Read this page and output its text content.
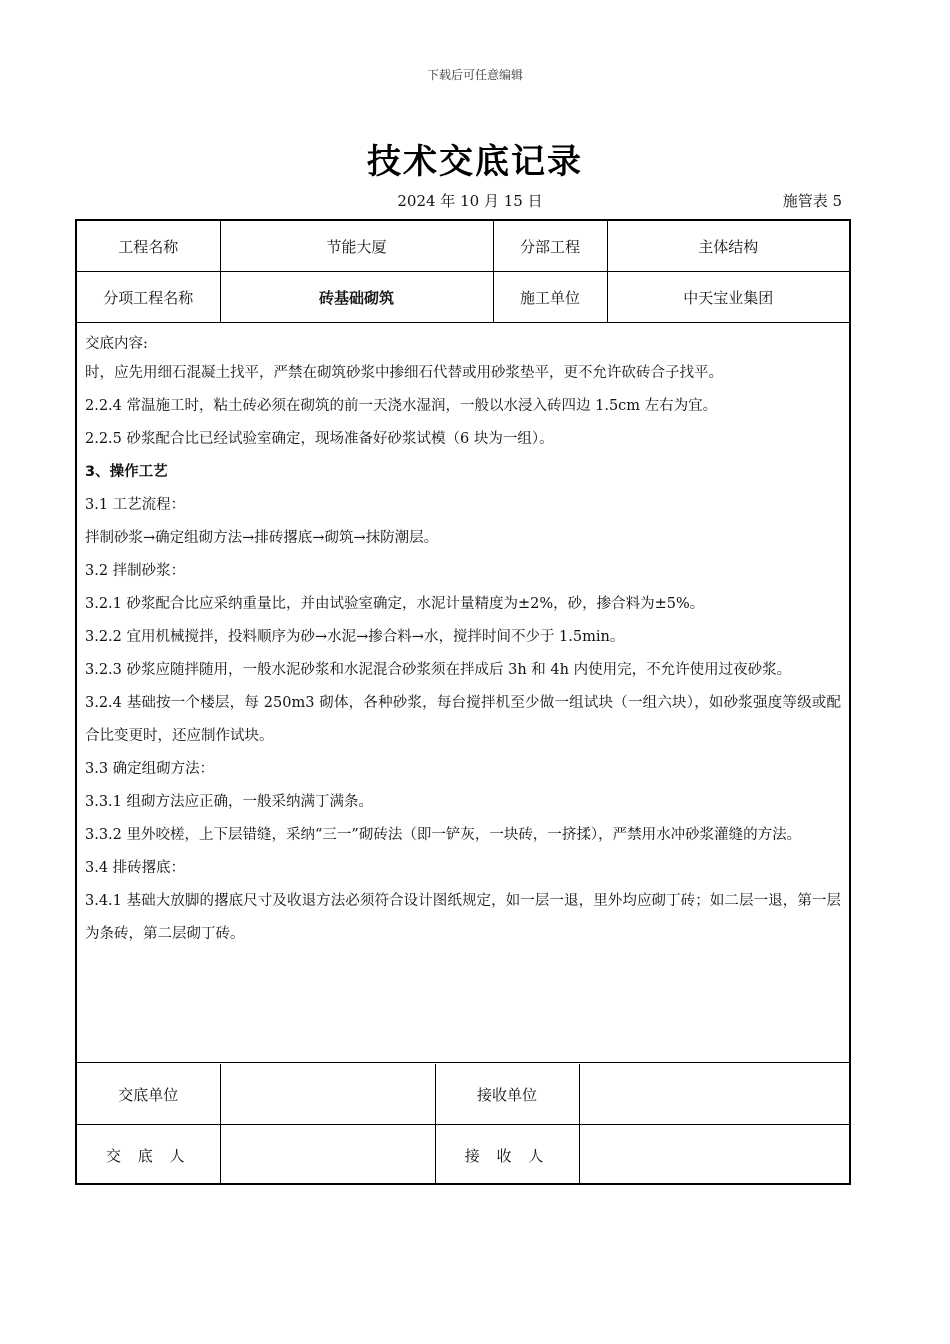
下载后可任意编辑
技术交底记录
2024 年 10 月 15 日	施管表 5
工程名称	节能大厦	分部工程	主体结构
分项工程名称	砖基础砌筑	施工单位	中天宝业集团

交底内容:

时，应先用细石混凝土找平，严禁在砌筑砂浆中掺细石代替或用砂浆垫平，更不允许砍砖合子找平。

2.2.4 常温施工时，粘土砖必须在砌筑的前一天浇水湿润，一般以水浸入砖四边 1.5cm 左右为宜。

2.2.5 砂浆配合比已经试验室确定，现场准备好砂浆试模（6 块为一组）。

3、操作工艺

3.1 工艺流程：

拌制砂浆→确定组砌方法→排砖撂底→砌筑→抹防潮层。

3.2 拌制砂浆：

3.2.1 砂浆配合比应采纳重量比，并由试验室确定，水泥计量精度为±2%，砂，掺合料为±5%。

3.2.2 宜用机械搅拌，投料顺序为砂→水泥→掺合料→水，搅拌时间不少于 1.5min。

3.2.3 砂浆应随拌随用，一般水泥砂浆和水泥混合砂浆须在拌成后 3h 和 4h 内使用完，不允许使用过夜砂浆。

3.2.4 基础按一个楼层，每 250m3 砌体，各种砂浆，每台搅拌机至少做一组试块（一组六块），如砂浆强度等级或配合比变更时，还应制作试块。

3.3 确定组砌方法：

3.3.1 组砌方法应正确，一般采纳满丁满条。

3.3.2 里外咬槎，上下层错缝，采纳“三一”砌砖法（即一铲灰，一块砖，一挤揉），严禁用水冲砂浆灌缝的方法。

3.4 排砖撂底：

3.4.1 基础大放脚的撂底尺寸及收退方法必须符合设计图纸规定，如一层一退，里外均应砌丁砖；如二层一退，第一层为条砖，第二层砌丁砖。

交底单位		接收单位	
交 底 人		接 收 人	
